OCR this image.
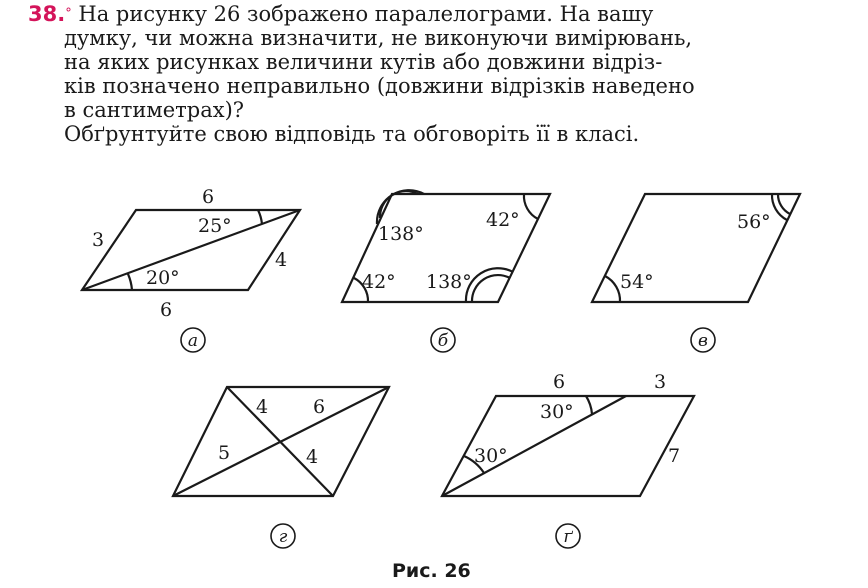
38.° На рисунку 26 зображено паралелограми. На вашу

думку, чи можна визначити, не виконуючи вимірювань,

на яких рисунках величини кутів або довжини відріз-

ків позначено неправильно (довжини відрізків наведено

в сантиметрах)?

Обґрунтуйте свою відповідь та обговоріть її в класі.

6
3
4
6
25°
20°
138°
42°
42° 138°
56°
54°
4 6
5	4
6	3
7
30°
30°
а	б	в
г	ґ
Рис. 26
